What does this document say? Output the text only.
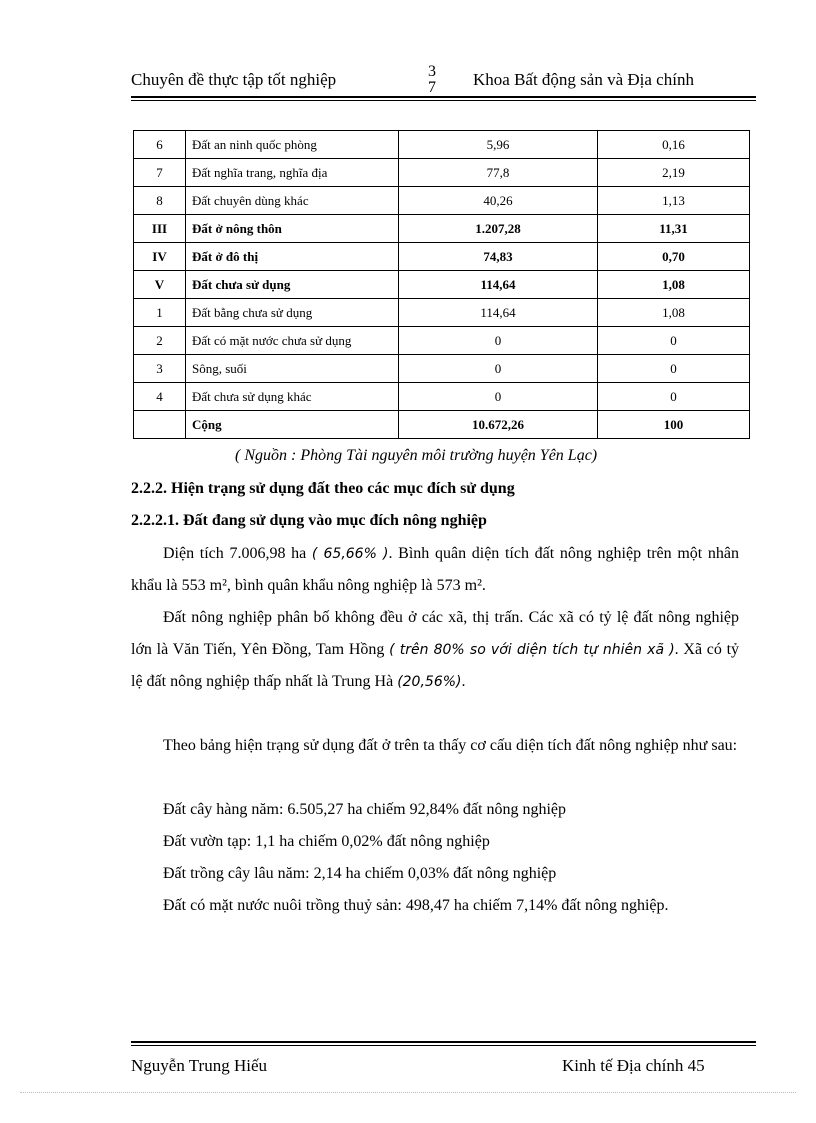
Chuyên đề thực tập tốt nghiệp	3
7 Khoa Bất động sản và Địa chính
6	Đất an ninh quốc phòng	5,96	0,16
7	Đất nghĩa trang, nghĩa địa	77,8	2,19
8	Đất chuyên dùng khác	40,26	1,13
III	Đất ở nông thôn	1.207,28	11,31
IV	Đất ở đô thị	74,83	0,70
V	Đất chưa sử dụng	114,64	1,08
1	Đất bằng chưa sử dụng	114,64	1,08
2	Đất có mặt nước chưa sử dụng	0	0
3	Sông, suối	0	0
4	Đất chưa sử dụng khác	0	0
	Cộng	10.672,26	100
( Nguồn : Phòng Tài nguyên môi trường huyện Yên Lạc)
2.2.2. Hiện trạng sử dụng đất theo các mục đích sử dụng
2.2.2.1. Đất đang sử dụng vào mục đích nông nghiệp

Diện tích 7.006,98 ha ( 65,66% ). Bình quân diện tích đất nông nghiệp trên một nhân khẩu là 553 m², bình quân khẩu nông nghiệp là 573 m².

Đất nông nghiệp phân bố không đều ở các xã, thị trấn. Các xã có tỷ lệ đất nông nghiệp lớn là Văn Tiến, Yên Đồng, Tam Hồng ( trên 80% so với diện tích tự nhiên xã ). Xã có tỷ lệ đất nông nghiệp thấp nhất là Trung Hà (20,56%).

Theo bảng hiện trạng sử dụng đất ở trên ta thấy cơ cấu diện tích đất nông nghiệp như sau:

Đất cây hàng năm: 6.505,27 ha chiếm 92,84% đất nông nghiệp

Đất vườn tạp: 1,1 ha chiếm 0,02% đất nông nghiệp

Đất trồng cây lâu năm: 2,14 ha chiếm 0,03% đất nông nghiệp

Đất có mặt nước nuôi trồng thuỷ sản: 498,47 ha chiếm 7,14% đất nông nghiệp.

Nguyễn Trung Hiếu	Kinh tế Địa chính 45
